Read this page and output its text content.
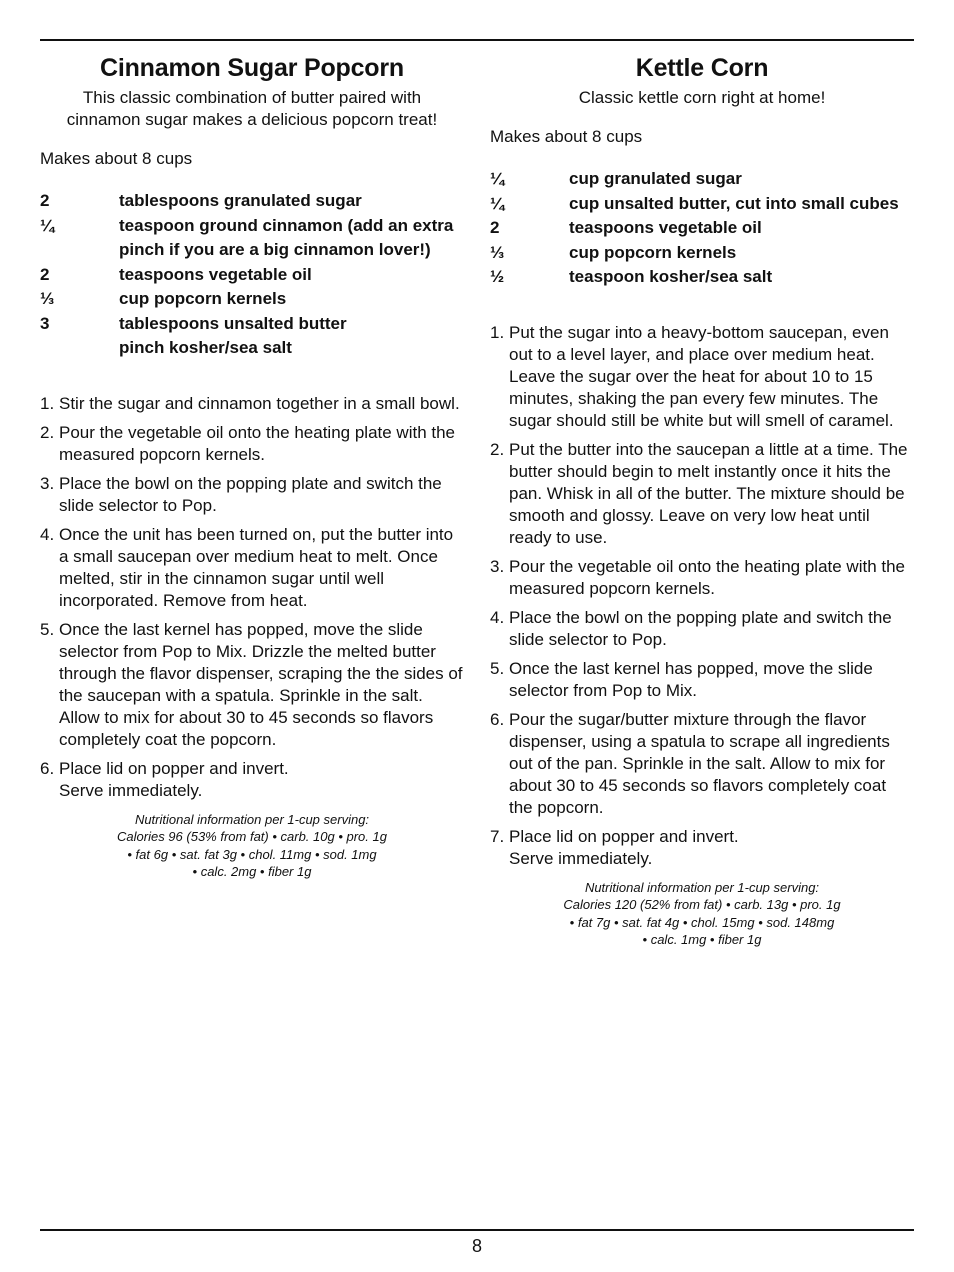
Cinnamon Sugar Popcorn
This classic combination of butter paired with cinnamon sugar makes a delicious popcorn treat!
Makes about 8 cups
2	tablespoons granulated sugar
¼	teaspoon ground cinnamon (add an extra pinch if you are a big cinnamon lover!)
2	teaspoons vegetable oil
⅓	cup popcorn kernels
3	tablespoons unsalted butter
pinch kosher/sea salt
1. Stir the sugar and cinnamon together in a small bowl.
2. Pour the vegetable oil onto the heating plate with the measured popcorn kernels.
3. Place the bowl on the popping plate and switch the slide selector to Pop.
4. Once the unit has been turned on, put the butter into a small saucepan over medium heat to melt. Once melted, stir in the cinnamon sugar until well incorporated. Remove from heat.
5. Once the last kernel has popped, move the slide selector from Pop to Mix. Drizzle the melted butter through the flavor dispenser, scraping the the sides of the saucepan with a spatula. Sprinkle in the salt. Allow to mix for about 30 to 45 seconds so flavors completely coat the popcorn.
6. Place lid on popper and invert.
Serve immediately.
Nutritional information per 1-cup serving:
Calories 96 (53% from fat) • carb. 10g • pro. 1g
• fat 6g • sat. fat 3g • chol. 11mg • sod. 1mg
• calc. 2mg • fiber 1g
Kettle Corn
Classic kettle corn right at home!
Makes about 8 cups
¼	cup granulated sugar
¼	cup unsalted butter, cut into small cubes
2	teaspoons vegetable oil
⅓	cup popcorn kernels
½	teaspoon kosher/sea salt
1. Put the sugar into a heavy-bottom saucepan, even out to a level layer, and place over medium heat. Leave the sugar over the heat for about 10 to 15 minutes, shaking the pan every few minutes. The sugar should still be white but will smell of caramel.
2. Put the butter into the saucepan a little at a time. The butter should begin to melt instantly once it hits the pan. Whisk in all of the butter. The mixture should be smooth and glossy. Leave on very low heat until ready to use.
3. Pour the vegetable oil onto the heating plate with the measured popcorn kernels.
4. Place the bowl on the popping plate and switch the slide selector to Pop.
5. Once the last kernel has popped, move the slide selector from Pop to Mix.
6. Pour the sugar/butter mixture through the flavor dispenser, using a spatula to scrape all ingredients out of the pan. Sprinkle in the salt. Allow to mix for about 30 to 45 seconds so flavors completely coat the popcorn.
7. Place lid on popper and invert.
Serve immediately.
Nutritional information per 1-cup serving:
Calories 120 (52% from fat) • carb. 13g • pro. 1g
• fat 7g • sat. fat 4g • chol. 15mg • sod. 148mg
• calc. 1mg • fiber 1g
8
